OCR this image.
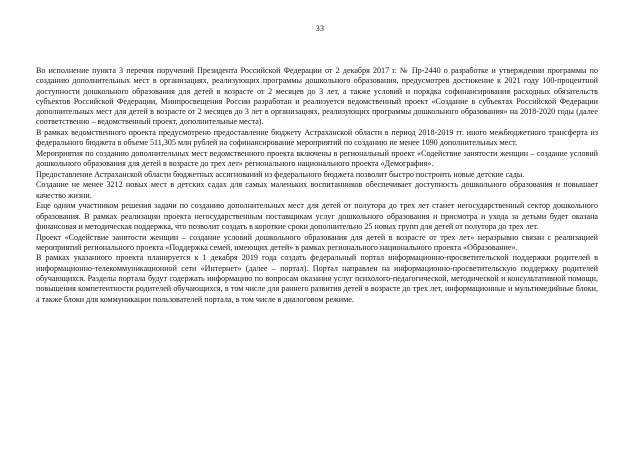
33

Во исполнение пункта 3 перечня поручений Президента Российской Федерации от 2 декабря 2017 г. № Пр-2440 о разработке и утверждении программы по созданию дополнительных мест в организациях, реализующих программы дошкольного образования, предусмотрев достижение к 2021 году 100-процентной доступности дошкольного образования для детей в возрасте от 2 месяцев до 3 лет, а также условий и порядка софинансирования расходных обязательств субъектов Российской Федерации, Минпросвещения России разработан и реализуется ведомственный проект «Создание в субъектах Российской Федерации дополнительных мест для детей в возрасте от 2 месяцев до 3 лет в организациях, реализующих программы дошкольного образования» на 2018-2020 годы (далее соответственно – ведомственный проект, дополнительные места).

В рамках ведомственного проекта предусмотрено предоставление бюджету Астраханской области в период 2018-2019 гг. иного межбюджетного трансферта из федерального бюджета в объеме 511,305 млн рублей на софинансирование мероприятий по созданию не менее 1090 дополнительных мест.

Мероприятия по созданию дополнительных мест ведомственного проекта включены в региональный проект «Содействие занятости женщин – создание условий дошкольного образования для детей в возрасте до трех лет» регионального национального проекта «Демография».

Предоставление Астраханской области бюджетных ассигнований из федерального бюджета позволит быстро построить новые детские сады.

Создание не менее 3212 новых мест в детских садах для самых маленьких воспитанников обеспечивает доступность дошкольного образования и повышает качество жизни.

Еще одним участником решения задачи по созданию дополнительных мест для детей от полутора до трех лет станет негосударственный сектор дошкольного образования. В рамках реализации проекта негосударственным поставщикам услуг дошкольного образования и присмотра и ухода за детьми будет оказана финансовая и методическая поддержка, что позволит создать в короткие сроки дополнительно 25 новых групп для детей от полутора до трех лет.

Проект «Содействие занятости женщин – создание условий дошкольного образования для детей в возрасте от трех лет» неразрывно связан с реализацией мероприятий регионального проекта «Поддержка семей, имеющих детей» в рамках регионального национального проекта «Образование».

В рамках указанного проекта планируется к 1 декабря 2019 года создать федеральный портал информационно-просветительской поддержки родителей в информационно-телекоммуникационной сети «Интернет» (далее – портал). Портал направлен на информационно-просветительскую поддержку родителей обучающихся. Разделы портала будут содержать информацию по вопросам оказания услуг психолого-педагогической, методической и консультативной помощи, повышения компетентности родителей обучающихся, в том числе для раннего развития детей в возрасте до трех лет, информационные и мультимедийные блоки, а также блоки для коммуникации пользователей портала, в том числе в диалоговом режиме.
